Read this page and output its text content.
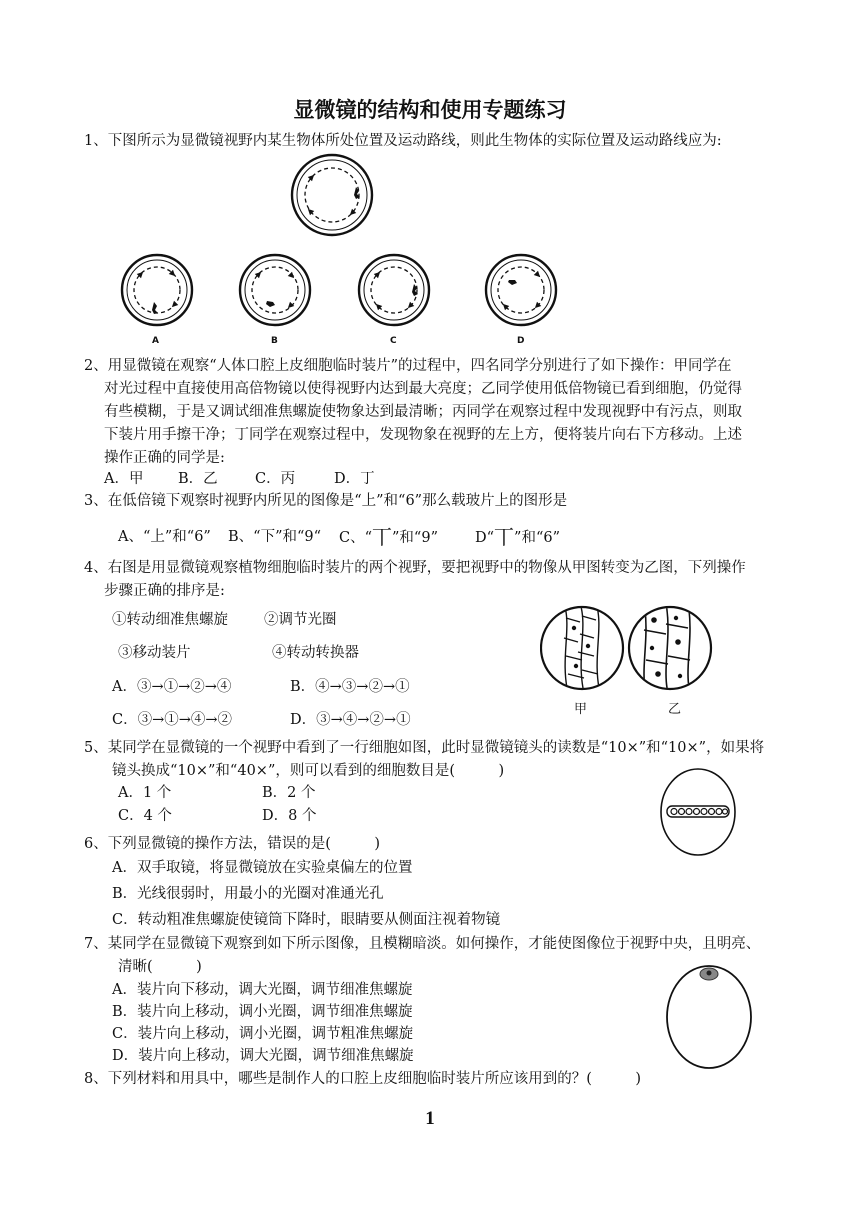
显微镜的结构和使用专题练习
1、下图所示为显微镜视野内某生物体所处位置及运动路线，则此生物体的实际位置及运动路线应为:
A	B	C	D
2、用显微镜在观察“人体口腔上皮细胞临时装片”的过程中，四名同学分别进行了如下操作：甲同学在
对光过程中直接使用高倍物镜以使得视野内达到最大亮度；乙同学使用低倍物镜已看到细胞，仍觉得
有些模糊，于是又调试细准焦螺旋使物象达到最清晰；丙同学在观察过程中发现视野中有污点，则取
下装片用手擦干净；丁同学在观察过程中，发现物象在视野的左上方，便将装片向右下方移动。上述
操作正确的同学是:
A．甲 B．乙	C．丙	D．丁
3、在低倍镜下观察时视野内所见的图像是“上”和“6”那么载玻片上的图形是
A、“上”和“6” B、“下”和“9“ C、“丅”和“9”	D“丅”和“6”
4、右图是用显微镜观察植物细胞临时装片的两个视野，要把视野中的物像从甲图转变为乙图，下列操作
步骤正确的排序是:
①转动细准焦螺旋 ②调节光圈
③移动装片	④转动转换器
A．③→①→②→④	B．④→③→②→①
C．③→①→④→②	D．③→④→②→①
甲	乙
5、某同学在显微镜的一个视野中看到了一行细胞如图，此时显微镜镜头的读数是“10×”和“10×”，如果将
镜头换成“10×”和“40×”，则可以看到的细胞数目是(　　　)
A．1 个	B．2 个
C．4 个	D．8 个
6、下列显微镜的操作方法，错误的是(　　　)
A．双手取镜，将显微镜放在实验桌偏左的位置
B．光线很弱时，用最小的光圈对准通光孔
C．转动粗准焦螺旋使镜筒下降时，眼睛要从侧面注视着物镜
7、某同学在显微镜下观察到如下所示图像，且模糊暗淡。如何操作，才能使图像位于视野中央，且明亮、
清晰(　　　)
A．装片向下移动，调大光圈，调节细准焦螺旋
B．装片向上移动，调小光圈，调节细准焦螺旋
C．装片向上移动，调小光圈，调节粗准焦螺旋
D．装片向上移动，调大光圈，调节细准焦螺旋
8、下列材料和用具中，哪些是制作人的口腔上皮细胞临时装片所应该用到的？(　　　)
1
